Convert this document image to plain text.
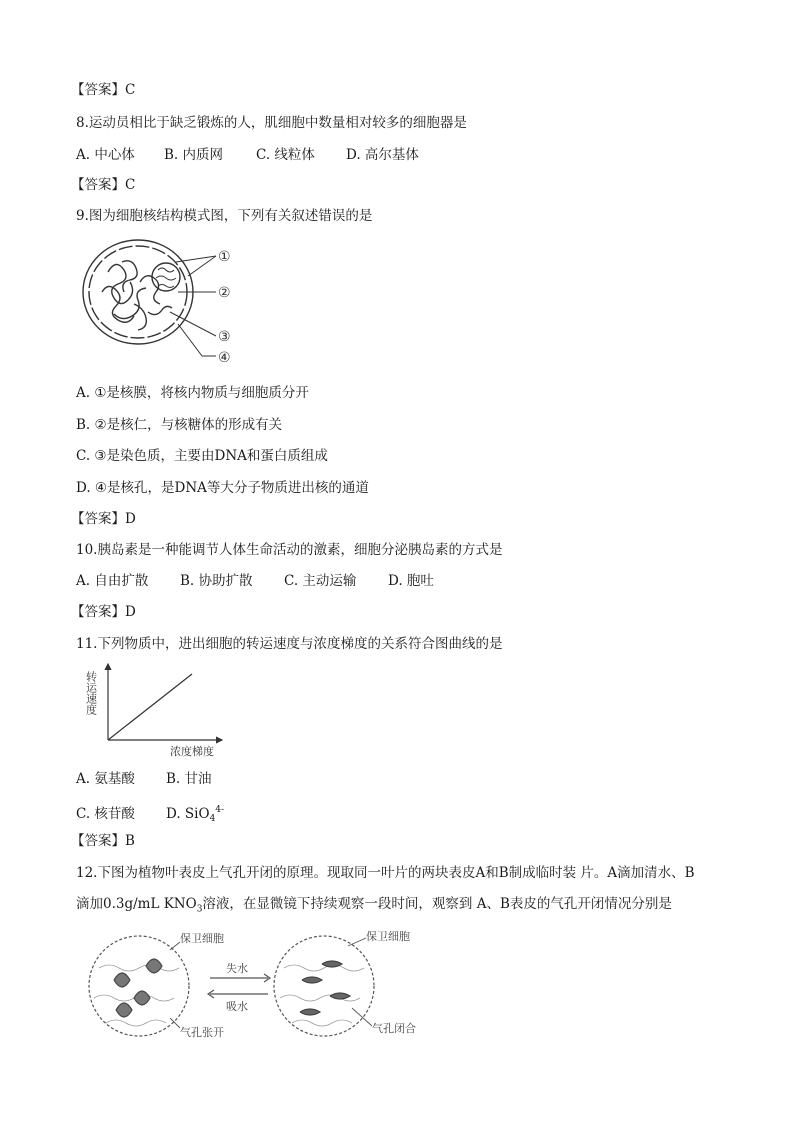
【答案】C
8.运动员相比于缺乏锻炼的人，肌细胞中数量相对较多的细胞器是
A. 中心体 B. 内质网 C. 线粒体 D. 高尔基体
【答案】C
9.图为细胞核结构模式图，下列有关叙述错误的是
①
②
③
④
A. ①是核膜，将核内物质与细胞质分开
B. ②是核仁，与核糖体的形成有关
C. ③是染色质，主要由DNA和蛋白质组成
D. ④是核孔，是DNA等大分子物质进出核的通道
【答案】D
10.胰岛素是一种能调节人体生命活动的激素，细胞分泌胰岛素的方式是
A. 自由扩散 B. 协助扩散 C. 主动运输 D. 胞吐
【答案】D
11.下列物质中，进出细胞的转运速度与浓度梯度的关系符合图曲线的是
转运速度
浓度梯度
A. 氨基酸 B. 甘油
C. 核苷酸 D. SiO44-
【答案】B
12.下图为植物叶表皮上气孔开闭的原理。现取同一叶片的两块表皮A和B制成临时装 片。A滴加清水、B
滴加0.3g/mL $KNO_3$溶液，在显微镜下持续观察一段时间，观察到 A、B表皮的气孔开闭情况分别是
保卫细胞
气孔张开
失水
吸水
保卫细胞
气孔闭合
